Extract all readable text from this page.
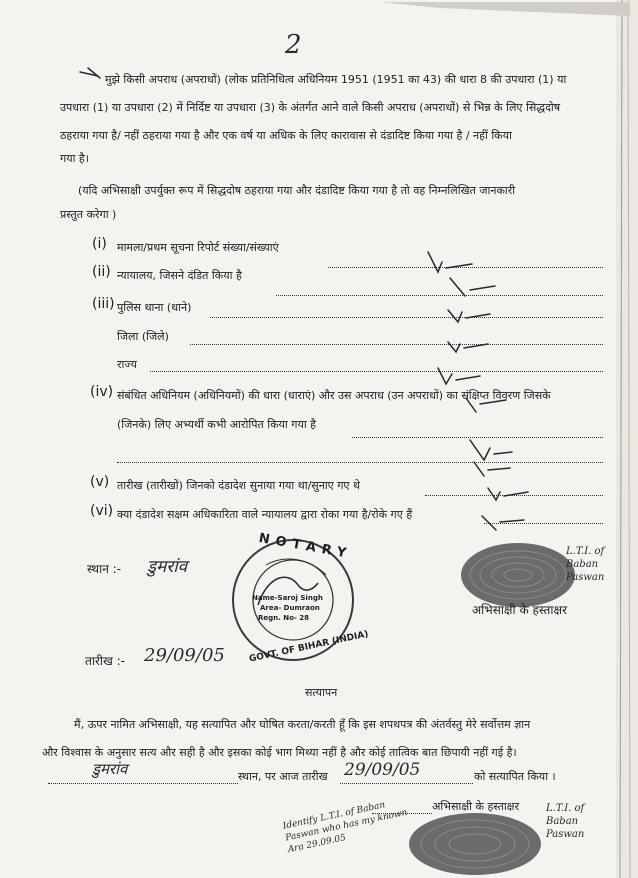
2
मुझे किसी अपराध (अपराधों) (लोक प्रतिनिधित्व अधिनियम 1951 (1951 का 43) की धारा 8 की उपधारा (1) या
उपधारा (1) या उपधारा (2) में निर्दिष्ट या उपधारा (3) के अंतर्गत आने वाले किसी अपराध (अपराधों) से भिन्न के लिए सिद्धदोष
ठहराया गया है/ नहीं ठहराया गया है और एक वर्ष या अधिक के लिए कारावास से दंडादिष्ट किया गया है / नहीं किया
गया है।
(यदि अभिसाक्षी उपर्युक्त रूप में सिद्धदोष ठहराया गया और दंडादिष्ट किया गया है तो वह निम्नलिखित जानकारी
प्रस्तुत करेगा )
(i) मामला/प्रथम सूचना रिपोर्ट संख्या/संख्याएं
(ii) न्यायालय, जिसने दंडित किया है
(iii) पुलिस थाना (थाने)
जिला (जिले)
राज्य
(iv) संबंधित अधिनियम (अधिनियमों) की धारा (धाराएं) और उस अपराध (उन अपराधों) का संक्षिप्त विवरण जिसके
(जिनके) लिए अभ्यर्थी कभी आरोपित किया गया है
(v) तारीख (तारीखों) जिनको दंडादेश सुनाया गया था/सुनाए गए थे
(vi) क्या दंडादेश सक्षम अधिकारिता वाले न्यायालय द्वारा रोका गया है/रोके गए हैं
स्थान :- डुमरांव
NOTARY
Name-Saroj Singh
Area- Dumraon
Regn. No- 28
GOVT. OF BIHAR (INDIA)
L.T.I. of Baban Paswan
अभिसाक्षी के हस्ताक्षर
तारीख :- 29/09/05
सत्यापन
मैं, ऊपर नामित अभिसाक्षी, यह सत्यापित और घोषित करता/करती हूँ कि इस शपथपत्र की अंतर्वस्तु मेरे सर्वोत्तम ज्ञान
और विश्वास के अनुसार सत्य और सही है और इसका कोई भाग मिथ्या नहीं है और कोई तात्विक बात छिपायी नहीं गई है।
डुमरांव	स्थान, पर आज तारीख 29/09/05	को सत्यापित किया ।
अभिसाक्षी के हस्ताक्षर	L.T.I. of Baban Paswan
Identify L.T.I. of Baban Paswan who has my known Ara 29.09.05
